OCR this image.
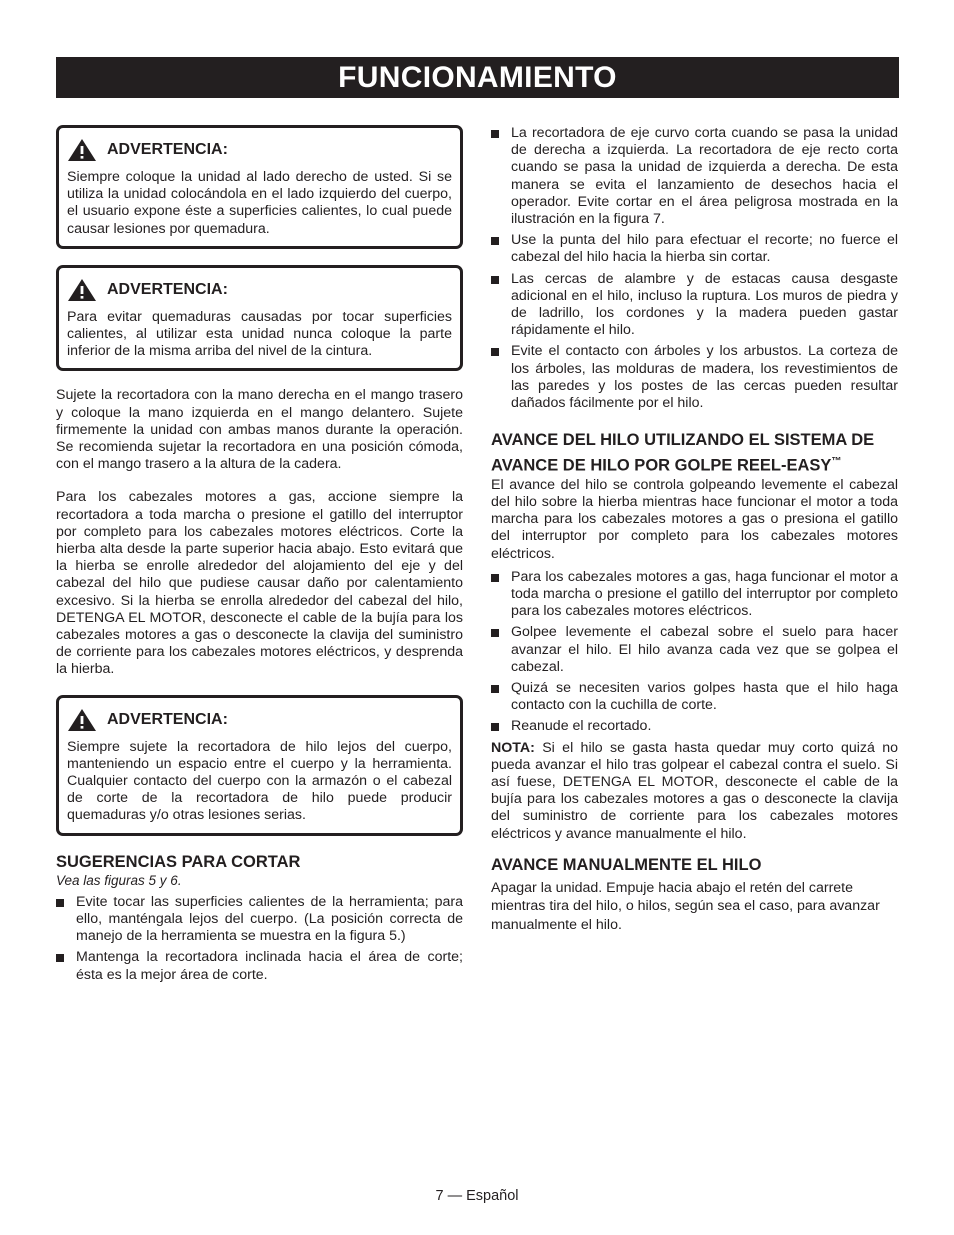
FUNCIONAMIENTO
ADVERTENCIA:
Siempre coloque la unidad al lado derecho de usted. Si se utiliza la unidad colocándola en el lado izquierdo del cuerpo, el usuario expone éste a superficies calientes, lo cual puede causar lesiones por quemadura.
ADVERTENCIA:
Para evitar quemaduras causadas por tocar superficies calientes, al utilizar esta unidad nunca coloque la parte inferior de la misma arriba del nivel de la cintura.

Sujete la recortadora con la mano derecha en el mango trasero y coloque la mano izquierda en el mango delantero. Sujete firmemente la unidad con ambas manos durante la operación. Se recomienda sujetar la recortadora en una posición cómoda, con el mango trasero a la altura de la cadera.

Para los cabezales motores a gas, accione siempre la recortadora a toda marcha o presione el gatillo del interruptor por completo para los cabezales motores eléctricos. Corte la hierba alta desde la parte superior hacia abajo. Esto evitará que la hierba se enrolle alrededor del alojamiento del eje y del cabezal del hilo que pudiese causar daño por calentamiento excesivo. Si la hierba se enrolla alrededor del cabezal del hilo, DETENGA EL MOTOR, desconecte el cable de la bujía para los cabezales motores a gas o desconecte la clavija del suministro de corriente para los cabezales motores eléctricos, y desprenda la hierba.

ADVERTENCIA:
Siempre sujete la recortadora de hilo lejos del cuerpo, manteniendo un espacio entre el cuerpo y la herramienta. Cualquier contacto del cuerpo con la armazón o el cabezal de corte de la recortadora de hilo puede producir quemaduras y/o otras lesiones serias.
SUGERENCIAS PARA CORTAR
Vea las figuras 5 y 6.
Evite tocar las superficies calientes de la herramienta; para ello, manténgala lejos del cuerpo. (La posición correcta de manejo de la herramienta se muestra en la figura 5.)
Mantenga la recortadora inclinada hacia el área de corte; ésta es la mejor área de corte.
La recortadora de eje curvo corta cuando se pasa la unidad de derecha a izquierda. La recortadora de eje recto corta cuando se pasa la unidad de izquierda a derecha. De esta manera se evita el lanzamiento de desechos hacia el operador. Evite cortar en el área peligrosa mostrada en la ilustración en la figura 7.
Use la punta del hilo para efectuar el recorte; no fuerce el cabezal del hilo hacia la hierba sin cortar.
Las cercas de alambre y de estacas causa desgaste adicional en el hilo, incluso la ruptura. Los muros de piedra y de ladrillo, los cordones y la madera pueden gastar rápidamente el hilo.
Evite el contacto con árboles y los arbustos. La corteza de los árboles, las molduras de madera, los revestimientos de las paredes y los postes de las cercas pueden resultar dañados fácilmente por el hilo.
AVANCE DEL HILO UTILIZANDO EL SISTEMA DE AVANCE DE HILO POR GOLPE REEL-EASY™

El avance del hilo se controla golpeando levemente el cabezal del hilo sobre la hierba mientras hace funcionar el motor a toda marcha para los cabezales motores a gas o presiona el gatillo del interruptor por completo para los cabezales motores eléctricos.

Para los cabezales motores a gas, haga funcionar el motor a toda marcha o presione el gatillo del interruptor por completo para los cabezales motores eléctricos.
Golpee levemente el cabezal sobre el suelo para hacer avanzar el hilo. El hilo avanza cada vez que se golpea el cabezal.
Quizá se necesiten varios golpes hasta que el hilo haga contacto con la cuchilla de corte.
Reanude el recortado.

NOTA: Si el hilo se gasta hasta quedar muy corto quizá no pueda avanzar el hilo tras golpear el cabezal contra el suelo. Si así fuese, DETENGA EL MOTOR, desconecte el cable de la bujía para los cabezales motores a gas o desconecte la clavija del suministro de corriente para los cabezales motores eléctricos y avance manualmente el hilo.

AVANCE MANUALMENTE EL HILO

Apagar la unidad. Empuje hacia abajo el retén del carrete mientras tira del hilo, o hilos, según sea el caso, para avanzar manualmente el hilo.

7 — Español
